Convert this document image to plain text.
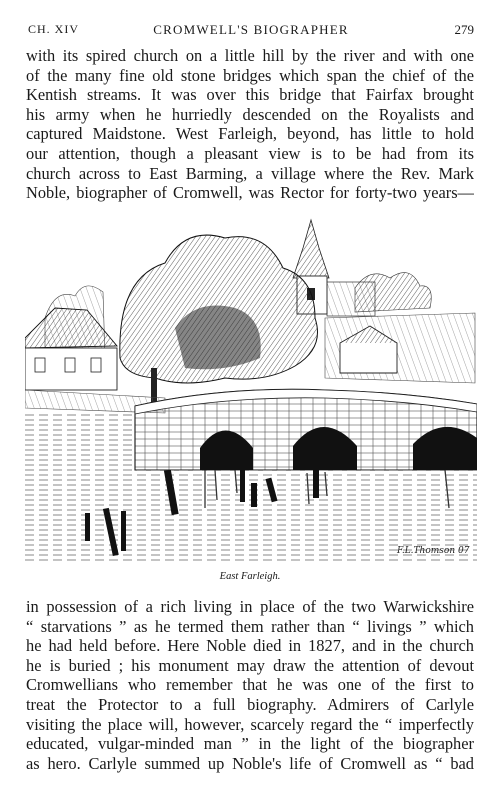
CH. XIV	CROMWELL'S BIOGRAPHER	279

with its spired church on a little hill by the river and with one
of the many fine old stone bridges which span the chief of the
Kentish streams. It was over this bridge that Fairfax brought
his army when he hurriedly descended on the Royalists and
captured Maidstone. West Farleigh, beyond, has little to hold
our attention, though a pleasant view is to be had from its
church across to East Barming, a village where the Rev. Mark
Noble, biographer of Cromwell, was Rector for forty-two years—

F.L.Thomson 07
East Farleigh.

in possession of a rich living in place of the two Warwickshire
“ starvations ” as he termed them rather than “ livings ” which
he had held before. Here Noble died in 1827, and in the church
he is buried ; his monument may draw the attention of devout
Cromwellians who remember that he was one of the first to
treat the Protector to a full biography. Admirers of Carlyle
visiting the place will, however, scarcely regard the “ imperfectly
educated, vulgar-minded man ” in the light of the biographer
as hero. Carlyle summed up Noble's life of Cromwell as “ bad
